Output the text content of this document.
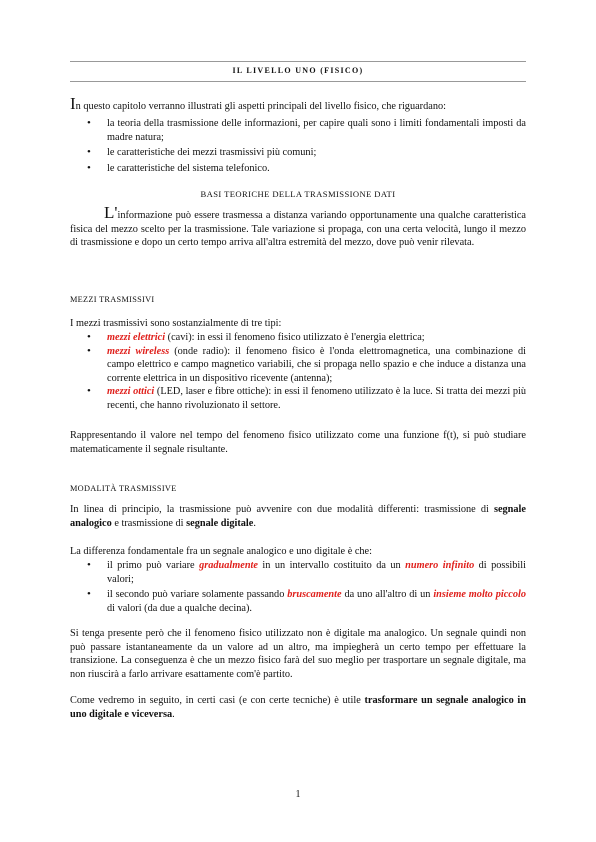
IL LIVELLO UNO (FISICO)
In questo capitolo verranno illustrati gli aspetti principali del livello fisico, che riguardano:
• la teoria della trasmissione delle informazioni, per capire quali sono i limiti fondamentali imposti da madre natura;
• le caratteristiche dei mezzi trasmissivi più comuni;
• le caratteristiche del sistema telefonico.
BASI TEORICHE DELLA TRASMISSIONE DATI
L'informazione può essere trasmessa a distanza variando opportunamente una qualche caratteristica fisica del mezzo scelto per la trasmissione. Tale variazione si propaga, con una certa velocità, lungo il mezzo di trasmissione e dopo un certo tempo arriva all'altra estremità del mezzo, dove può venir rilevata.
MEZZI TRASMISSIVI
I mezzi trasmissivi sono sostanzialmente di tre tipi:
• mezzi elettrici (cavi): in essi il fenomeno fisico utilizzato è l'energia elettrica;
• mezzi wireless (onde radio): il fenomeno fisico è l'onda elettromagnetica, una combinazione di campo elettrico e campo magnetico variabili, che si propaga nello spazio e che induce a distanza una corrente elettrica in un dispositivo ricevente (antenna);
• mezzi ottici (LED, laser e fibre ottiche): in essi il fenomeno utilizzato è la luce. Si tratta dei mezzi più recenti, che hanno rivoluzionato il settore.
Rappresentando il valore nel tempo del fenomeno fisico utilizzato come una funzione f(t), si può studiare matematicamente il segnale risultante.
MODALITÀ TRASMISSIVE
In linea di principio, la trasmissione può avvenire con due modalità differenti: trasmissione di segnale analogico e trasmissione di segnale digitale.
La differenza fondamentale fra un segnale analogico e uno digitale è che:
• il primo può variare gradualmente in un intervallo costituito da un numero infinito di possibili valori;
• il secondo può variare solamente passando bruscamente da uno all'altro di un insieme molto piccolo di valori (da due a qualche decina).
Si tenga presente però che il fenomeno fisico utilizzato non è digitale ma analogico. Un segnale quindi non può passare istantaneamente da un valore ad un altro, ma impiegherà un certo tempo per effettuare la transizione. La conseguenza è che un mezzo fisico farà del suo meglio per trasportare un segnale digitale, ma non riuscirà a farlo arrivare esattamente com'è partito.
Come vedremo in seguito, in certi casi (e con certe tecniche) è utile trasformare un segnale analogico in uno digitale e viceversa.
1
